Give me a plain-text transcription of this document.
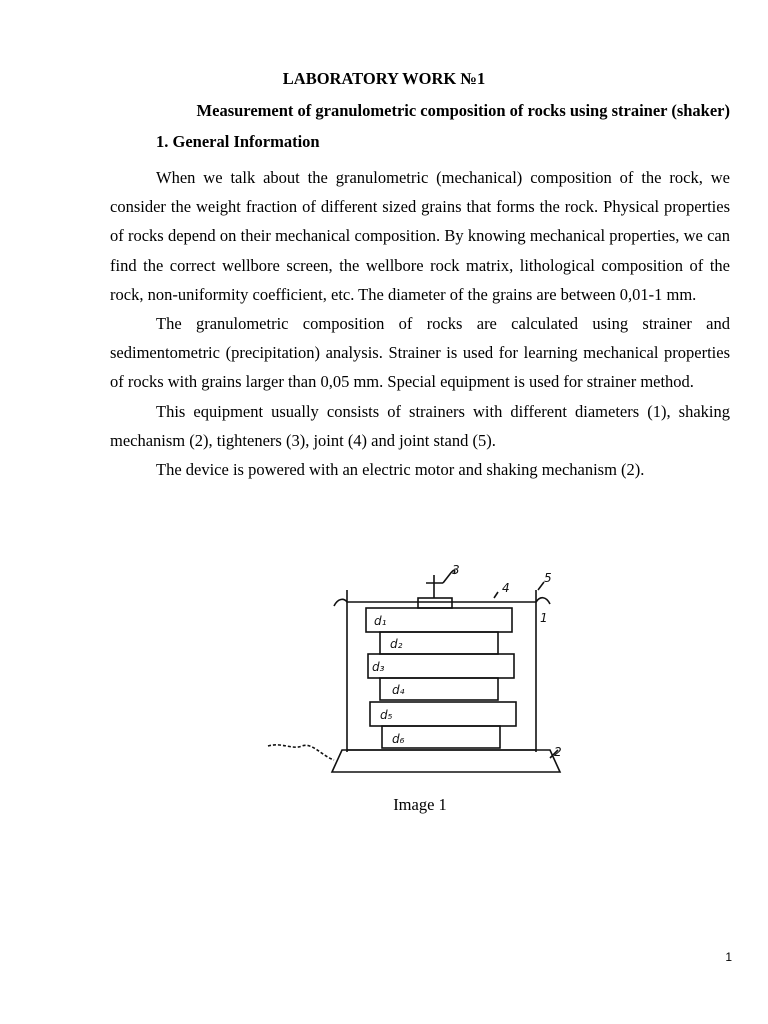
LABORATORY WORK №1
Measurement of granulometric composition of rocks using strainer (shaker)
1. General Information

When we talk about the granulometric (mechanical) composition of the rock, we consider the weight fraction of different sized grains that forms the rock. Physical properties of rocks depend on their mechanical composition. By knowing mechanical properties, we can find the correct wellbore screen, the wellbore rock matrix, lithological composition of the rock, non-uniformity coefficient, etc. The diameter of the grains are between 0,01-1 mm.

The granulometric composition of rocks are calculated using strainer and sedimentometric (precipitation) analysis. Strainer is used for learning mechanical properties of rocks with grains larger than 0,05 mm. Special equipment is used for strainer method.

This equipment usually consists of strainers with different diameters (1), shaking mechanism (2), tighteners (3), joint (4) and joint stand (5).

The device is powered with an electric motor and shaking mechanism (2).

d₁
d₂
d₃
d₄
d₅
d₆
1
2
3
4
5
Image 1
1
